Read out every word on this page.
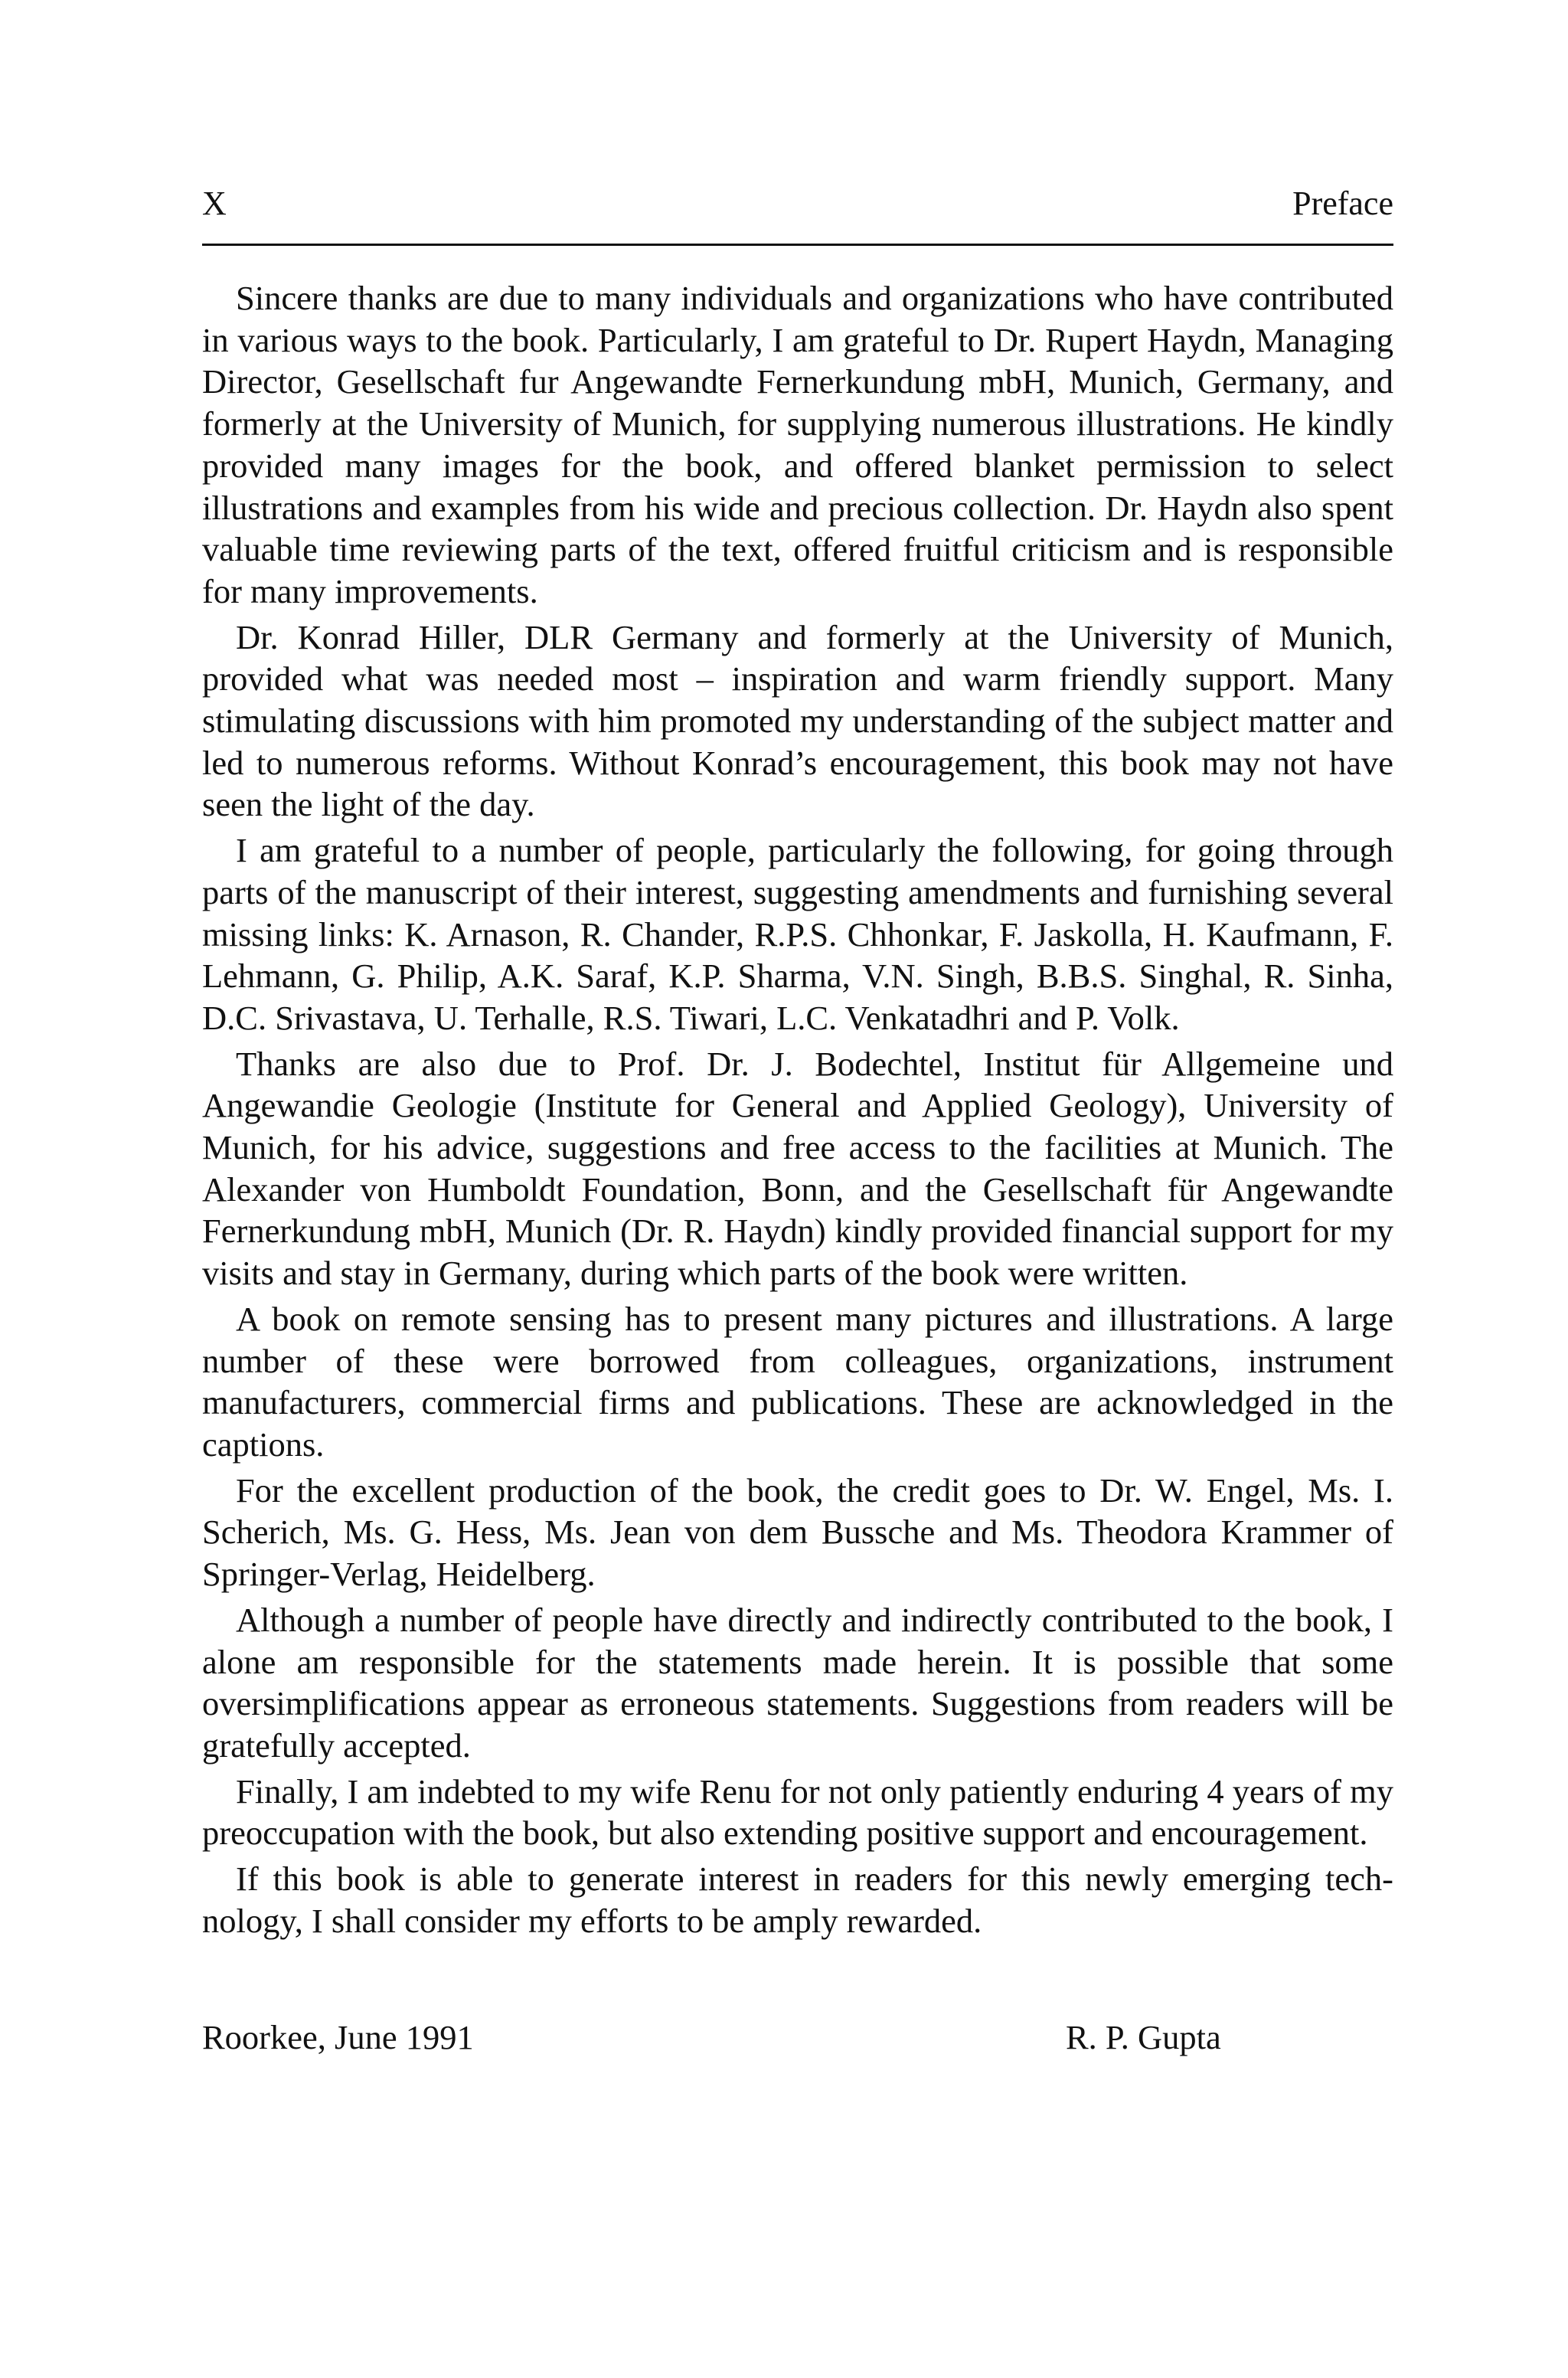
X	Preface

Sincere thanks are due to many individuals and organizations who have contributed in various ways to the book. Particularly, I am grateful to Dr. Rupert Haydn, Managing Director, Gesellschaft fur Angewandte Fernerkundung mbH, Munich, Germany, and formerly at the University of Munich, for supplying numerous illustrations. He kindly provided many images for the book, and offered blanket permission to select illustrations and examples from his wide and precious collection. Dr. Haydn also spent valuable time reviewing parts of the text, offered fruitful criticism and is responsible for many improvements.

Dr. Konrad Hiller, DLR Germany and formerly at the University of Munich, provided what was needed most – inspiration and warm friendly support. Many stimulating discussions with him promoted my understanding of the subject matter and led to numerous reforms. Without Konrad’s encouragement, this book may not have seen the light of the day.

I am grateful to a number of people, particularly the following, for going through parts of the manuscript of their interest, suggesting amendments and furnishing several missing links: K. Arnason, R. Chander, R.P.S. Chhonkar, F. Jaskolla, H. Kaufmann, F. Lehmann, G. Philip, A.K. Saraf, K.P. Sharma, V.N. Singh, B.B.S. Singhal, R. Sinha, D.C. Srivastava, U. Terhalle, R.S. Tiwari, L.C. Venkatadhri and P. Volk.

Thanks are also due to Prof. Dr. J. Bodechtel, Institut für Allgemeine und Angewandie Geologie (Institute for General and Applied Geology), University of Munich, for his advice, suggestions and free access to the facilities at Munich. The Alexander von Humboldt Foundation, Bonn, and the Gesellschaft für Angewandte Fernerkundung mbH, Munich (Dr. R. Haydn) kindly provided financial support for my visits and stay in Germany, during which parts of the book were written.

A book on remote sensing has to present many pictures and illustrations. A large number of these were borrowed from colleagues, organizations, instrument manufacturers, commercial firms and publications. These are acknowledged in the captions.

For the excellent production of the book, the credit goes to Dr. W. Engel, Ms. I. Scherich, Ms. G. Hess, Ms. Jean von dem Bussche and Ms. Theodora Krammer of Springer-Verlag, Heidelberg.

Although a number of people have directly and indirectly contributed to the book, I alone am responsible for the statements made herein. It is possible that some oversimplifications appear as erroneous statements. Suggestions from readers will be gratefully accepted.

Finally, I am indebted to my wife Renu for not only patiently enduring 4 years of my preoccupation with the book, but also extending positive support and encouragement.

If this book is able to generate interest in readers for this newly emerging technology, I shall consider my efforts to be amply rewarded.

Roorkee, June 1991	R. P. Gupta
